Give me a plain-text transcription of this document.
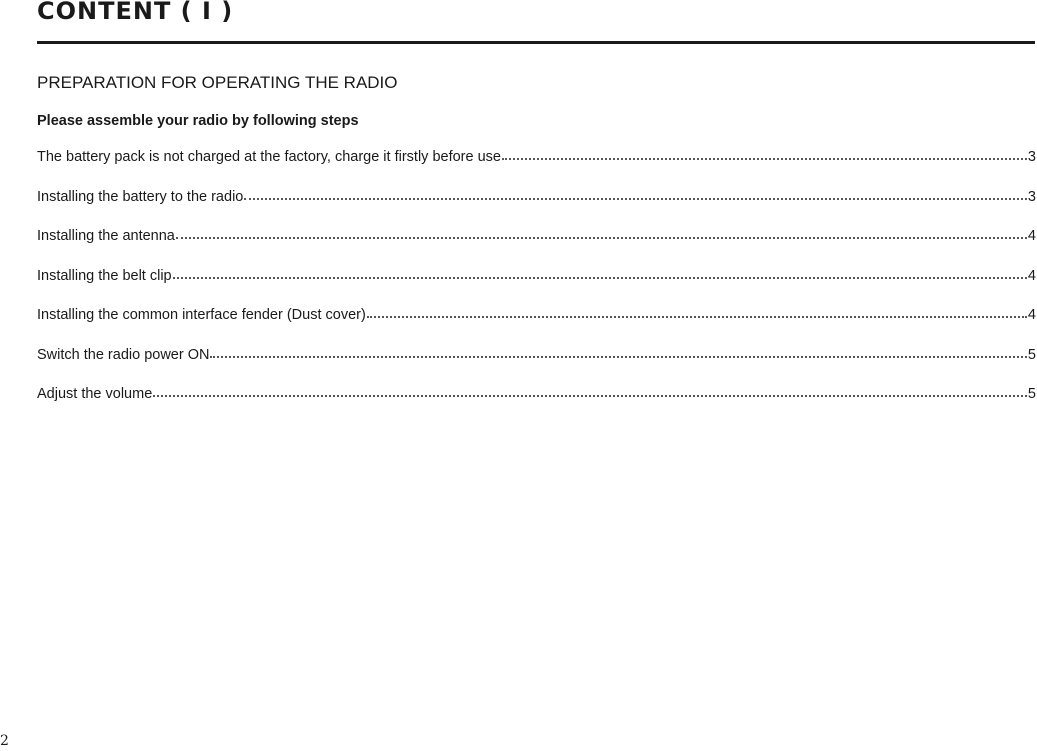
CONTENT ( I )
PREPARATION FOR OPERATING THE RADIO
Please assemble your radio by following steps
The battery pack is not charged at the factory, charge it firstly before use	3
Installing the battery to the radio	3
Installing the antenna	4
Installing the belt clip	4
Installing the common interface fender (Dust cover)	4
Switch the radio power ON	5
Adjust the volume	5
2
